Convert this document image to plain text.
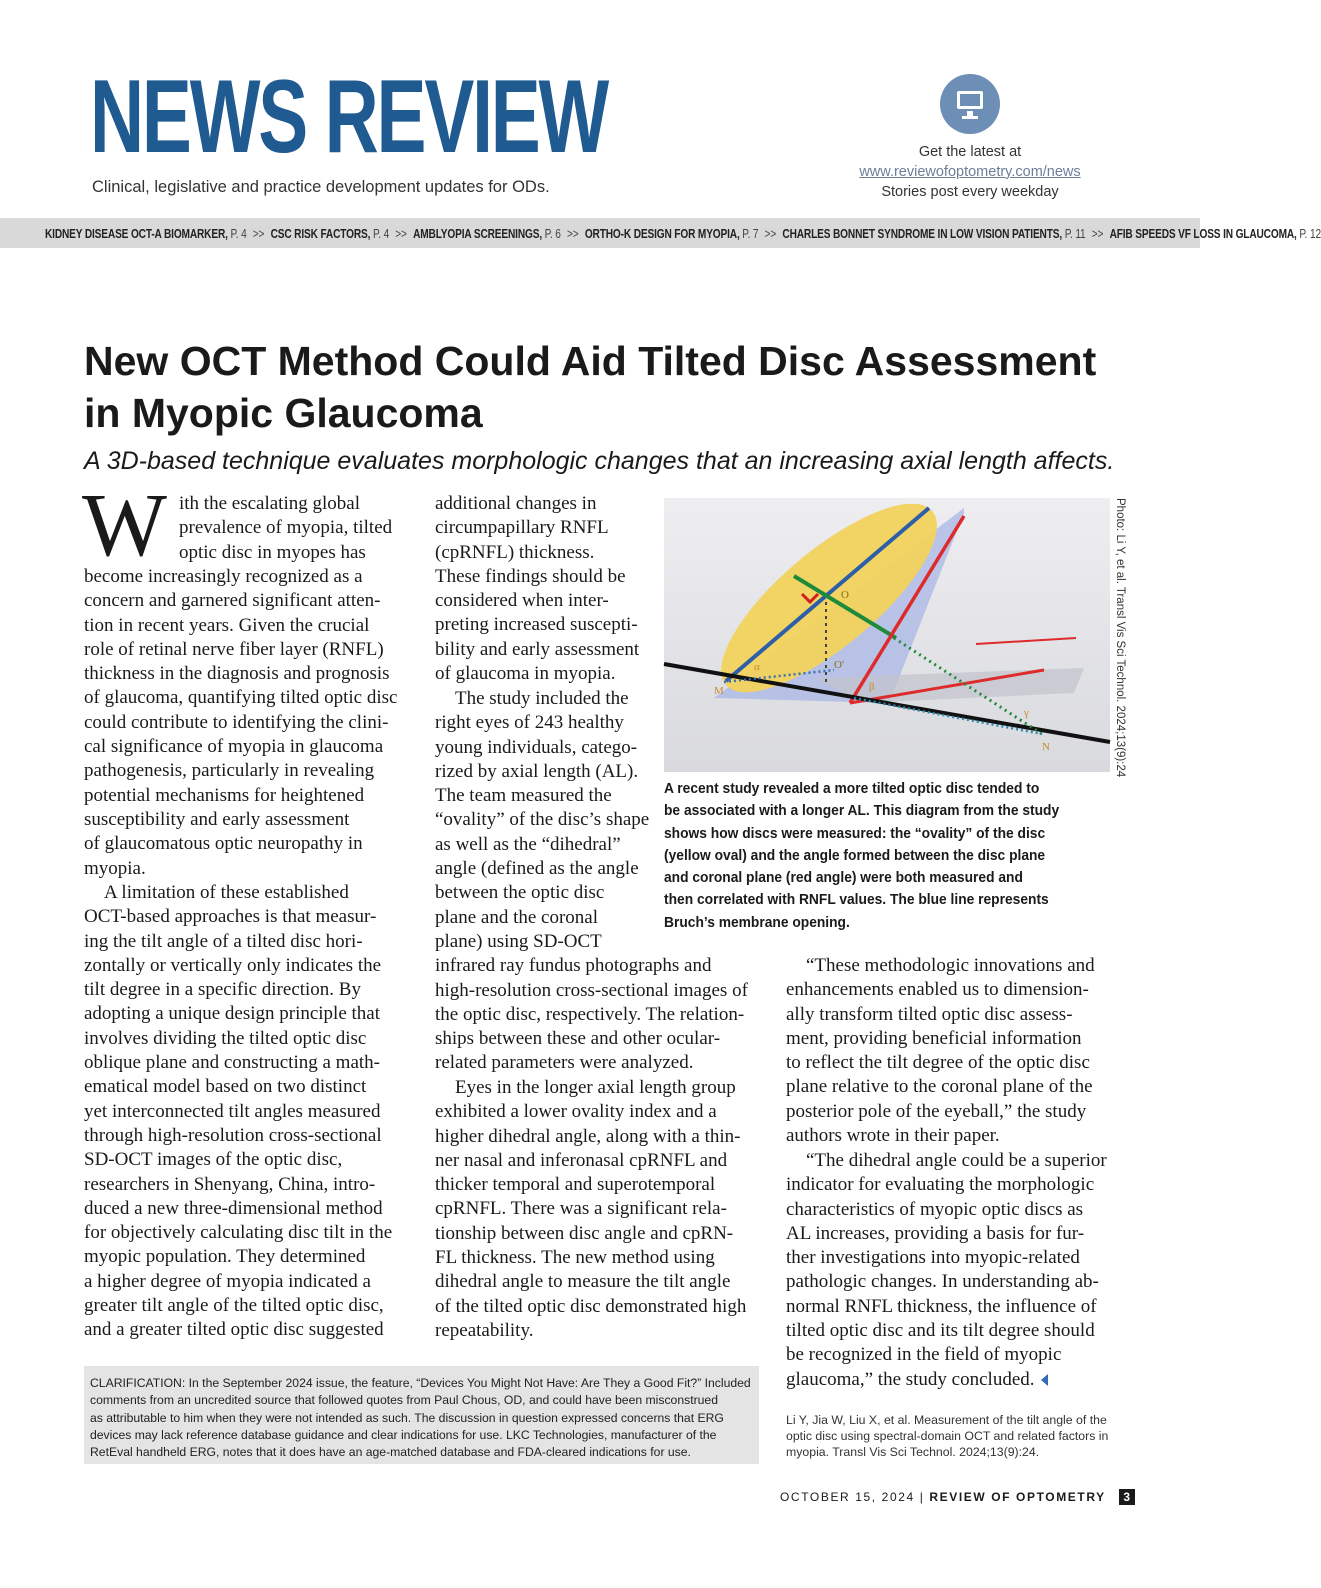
NEWS REVIEW
Clinical, legislative and practice development updates for ODs.
Get the latest at
www.reviewofoptometry.com/news
Stories post every weekday
KIDNEY DISEASE OCT-A BIOMARKER, P. 4 >> CSC RISK FACTORS, P. 4 >> AMBLYOPIA SCREENINGS, P. 6 >> ORTHO-K DESIGN FOR MYOPIA, P. 7 >> CHARLES BONNET SYNDROME IN LOW VISION PATIENTS, P. 11 >> AFIB SPEEDS VF LOSS IN GLAUCOMA, P. 12
New OCT Method Could Aid Tilted Disc Assessment
in Myopic Glaucoma
A 3D-based technique evaluates morphologic changes that an increasing axial length affects.
W ith the escalating global
prevalence of myopia, tilted
optic disc in myopes has
become increasingly recognized as a
concern and garnered significant atten-
tion in recent years. Given the crucial
role of retinal nerve fiber layer (RNFL)
thickness in the diagnosis and prognosis
of glaucoma, quantifying tilted optic disc
could contribute to identifying the clini-
cal significance of myopia in glaucoma
pathogenesis, particularly in revealing
potential mechanisms for heightened
susceptibility and early assessment
of glaucomatous optic neuropathy in
myopia.
A limitation of these established
OCT-based approaches is that measur-
ing the tilt angle of a tilted disc hori-
zontally or vertically only indicates the
tilt degree in a specific direction. By
adopting a unique design principle that
involves dividing the tilted optic disc
oblique plane and constructing a math-
ematical model based on two distinct
yet interconnected tilt angles measured
through high-resolution cross-sectional
SD-OCT images of the optic disc,
researchers in Shenyang, China, intro-
duced a new three-dimensional method
for objectively calculating disc tilt in the
myopic population. They determined
a higher degree of myopia indicated a
greater tilt angle of the tilted optic disc,
and a greater tilted optic disc suggested
additional changes in
circumpapillary RNFL
(cpRNFL) thickness.
These findings should be
considered when inter-
preting increased suscepti-
bility and early assessment
of glaucoma in myopia.
The study included the
right eyes of 243 healthy
young individuals, catego-
rized by axial length (AL).
The team measured the
“ovality” of the disc’s shape
as well as the “dihedral”
angle (defined as the angle
between the optic disc
plane and the coronal
plane) using SD-OCT
infrared ray fundus photographs and
high-resolution cross-sectional images of
the optic disc, respectively. The relation-
ships between these and other ocular-
related parameters were analyzed.
Eyes in the longer axial length group
exhibited a lower ovality index and a
higher dihedral angle, along with a thin-
ner nasal and inferonasal cpRNFL and
thicker temporal and superotemporal
cpRNFL. There was a significant rela-
tionship between disc angle and cpRN-
FL thickness. The new method using
dihedral angle to measure the tilt angle
of the tilted optic disc demonstrated high
repeatability.
“These methodologic innovations and
enhancements enabled us to dimension-
ally transform tilted optic disc assess-
ment, providing beneficial information
to reflect the tilt degree of the optic disc
plane relative to the coronal plane of the
posterior pole of the eyeball,” the study
authors wrote in their paper.
“The dihedral angle could be a superior
indicator for evaluating the morphologic
characteristics of myopic optic discs as
AL increases, providing a basis for fur-
ther investigations into myopic-related
pathologic changes. In understanding ab-
normal RNFL thickness, the influence of
tilted optic disc and its tilt degree should
be recognized in the field of myopic
glaucoma,” the study concluded.
O
O'
M
N
α
β
γ	Photo: Li Y, et al. Transl Vis Sci Technol. 2024;13(9):24
A recent study revealed a more tilted optic disc tended to
be associated with a longer AL. This diagram from the study
shows how discs were measured: the “ovality” of the disc
(yellow oval) and the angle formed between the disc plane
and coronal plane (red angle) were both measured and
then correlated with RNFL values. The blue line represents
Bruch’s membrane opening.
CLARIFICATION: In the September 2024 issue, the feature, “Devices You Might Not Have: Are They a Good Fit?” Included
comments from an uncredited source that followed quotes from Paul Chous, OD, and could have been misconstrued
as attributable to him when they were not intended as such. The discussion in question expressed concerns that ERG
devices may lack reference database guidance and clear indications for use. LKC Technologies, manufacturer of the
RetEval handheld ERG, notes that it does have an age-matched database and FDA-cleared indications for use.
Li Y, Jia W, Liu X, et al. Measurement of the tilt angle of the
optic disc using spectral-domain OCT and related factors in
myopia. Transl Vis Sci Technol. 2024;13(9):24.
OCTOBER 15, 2024 | REVIEW OF OPTOMETRY 3
